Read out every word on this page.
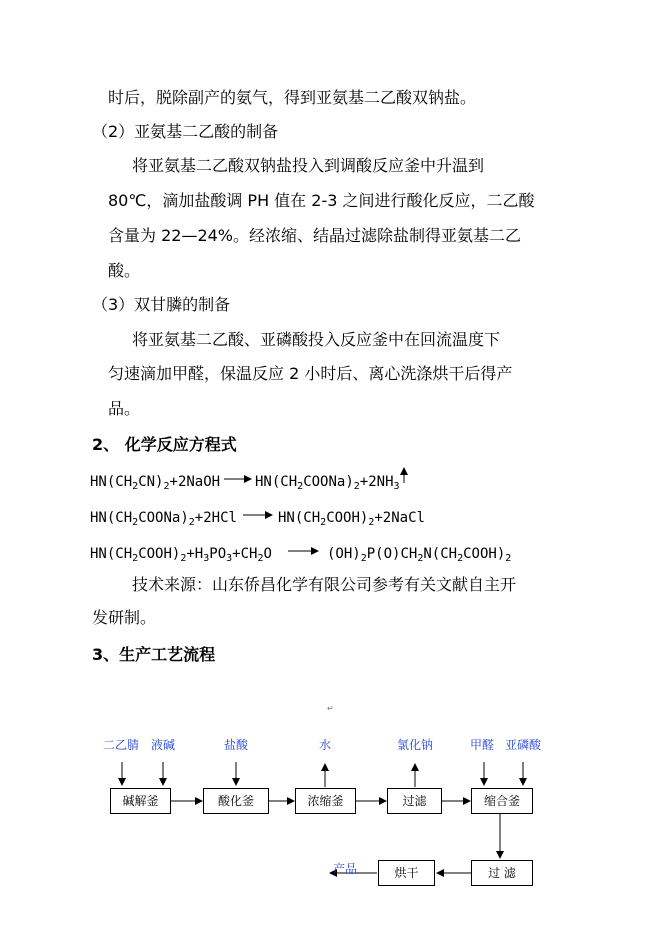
时后，脱除副产的氨气，得到亚氨基二乙酸双钠盐。
（2）亚氨基二乙酸的制备
将亚氨基二乙酸双钠盐投入到调酸反应釜中升温到
80℃，滴加盐酸调 PH 值在 2-3 之间进行酸化反应，二乙酸
含量为 22—24%。经浓缩、结晶过滤除盐制得亚氨基二乙
酸。
（3）双甘膦的制备
将亚氨基二乙酸、亚磷酸投入反应釜中在回流温度下
匀速滴加甲醛，保温反应 2 小时后、离心洗涤烘干后得产
品。
2、 化学反应方程式
$HN(CH_2CN)_2+2NaOH$ $HN(CH_2COONa)_2+2NH_3$
$HN(CH_2COONa)_2+2HCl$	$HN(CH_2COOH)_2+2NaCl$
$HN(CH_2COOH)_2+H_3PO_3+CH_2O$	$(OH)_2P(O)CH_2N(CH_2COOH)_2$
技术来源：山东侨昌化学有限公司参考有关文献自主开
发研制。
3、生产工艺流程
二乙腈 液碱	盐酸	水	氯化钠	甲醛 亚磷酸
产品
碱解釜	酸化釜	浓缩釜	过滤	缩合釜
过 滤
烘干
↵
